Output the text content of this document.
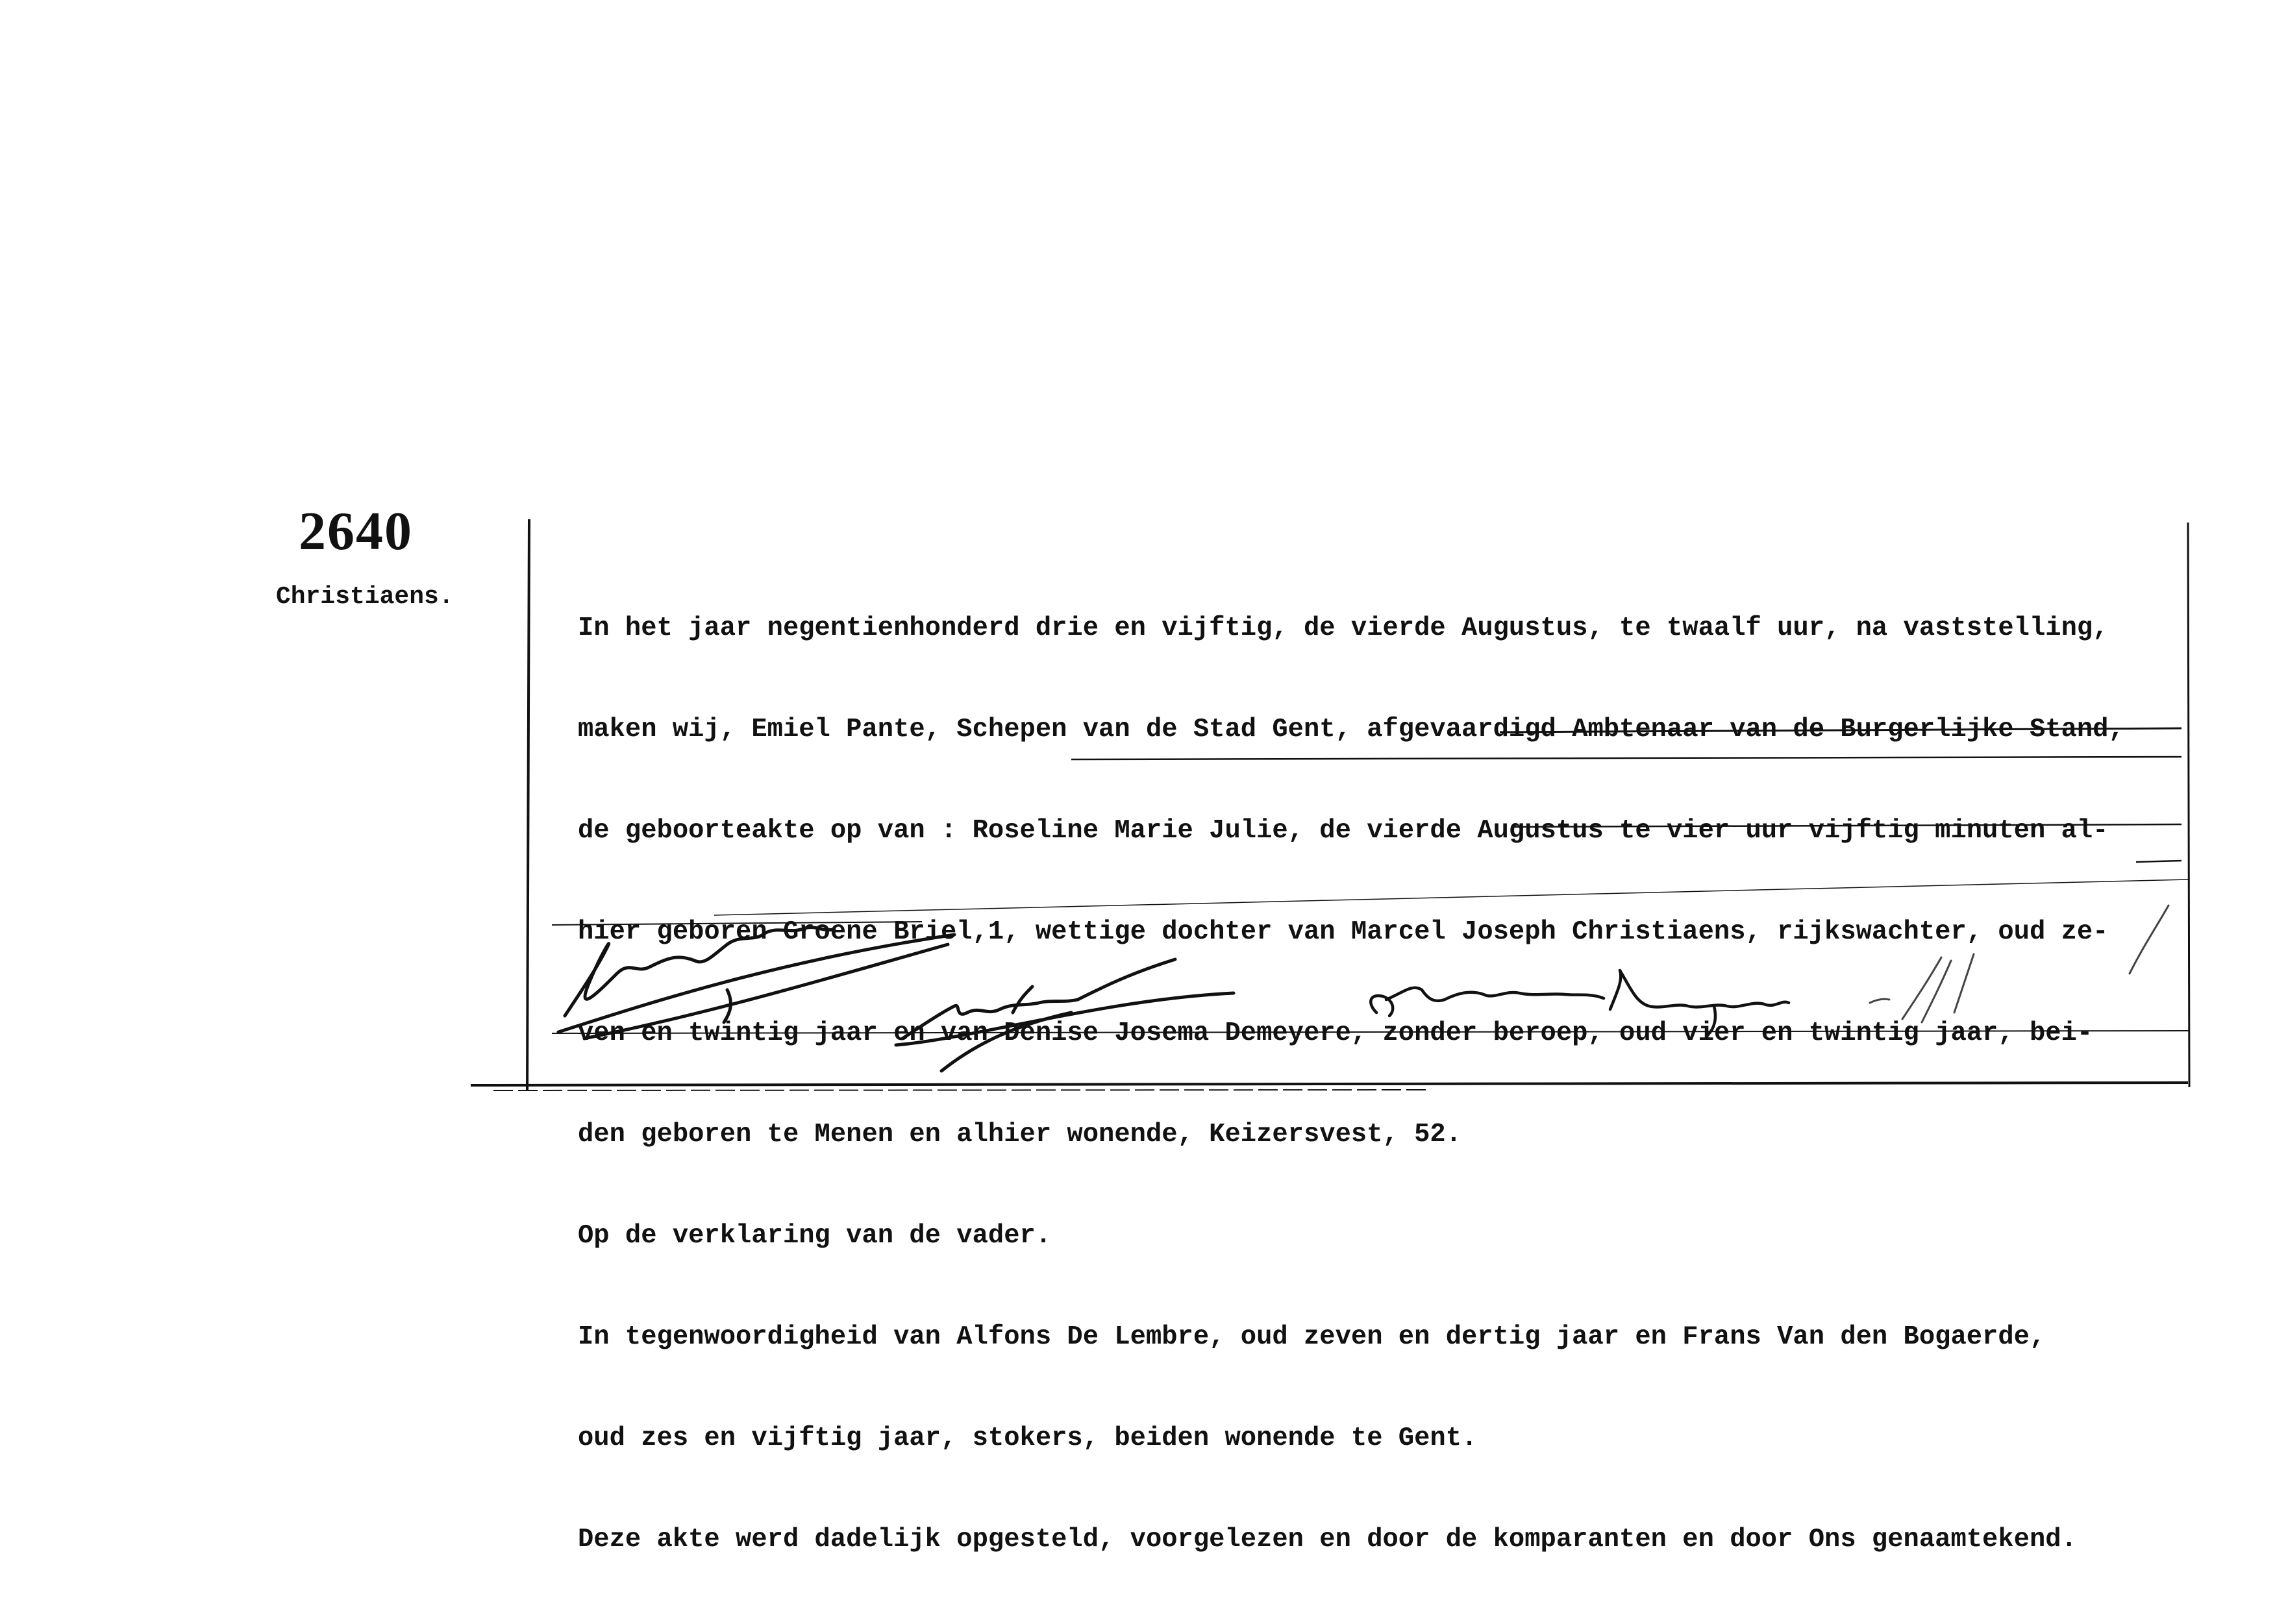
2640
Christiaens.

In het jaar negentienhonderd drie en vijftig, de vierde Augustus, te twaalf uur, na vaststelling,

maken wij, Emiel Pante, Schepen van de Stad Gent, afgevaardigd Ambtenaar van de Burgerlijke Stand,

de geboorteakte op van : Roseline Marie Julie, de vierde Augustus te vier uur vijftig minuten al-

hier geboren Groene Briel,1, wettige dochter van Marcel Joseph Christiaens, rijkswachter, oud ze-

ven en twintig jaar en van Denise Josema Demeyere, zonder beroep, oud vier en twintig jaar, bei-

den geboren te Menen en alhier wonende, Keizersvest, 52.

Op de verklaring van de vader.

In tegenwoordigheid van Alfons De Lembre, oud zeven en dertig jaar en Frans Van den Bogaerde,

oud zes en vijftig jaar, stokers, beiden wonende te Gent.

Deze akte werd dadelijk opgesteld, voorgelezen en door de komparanten en door Ons genaamtekend.
